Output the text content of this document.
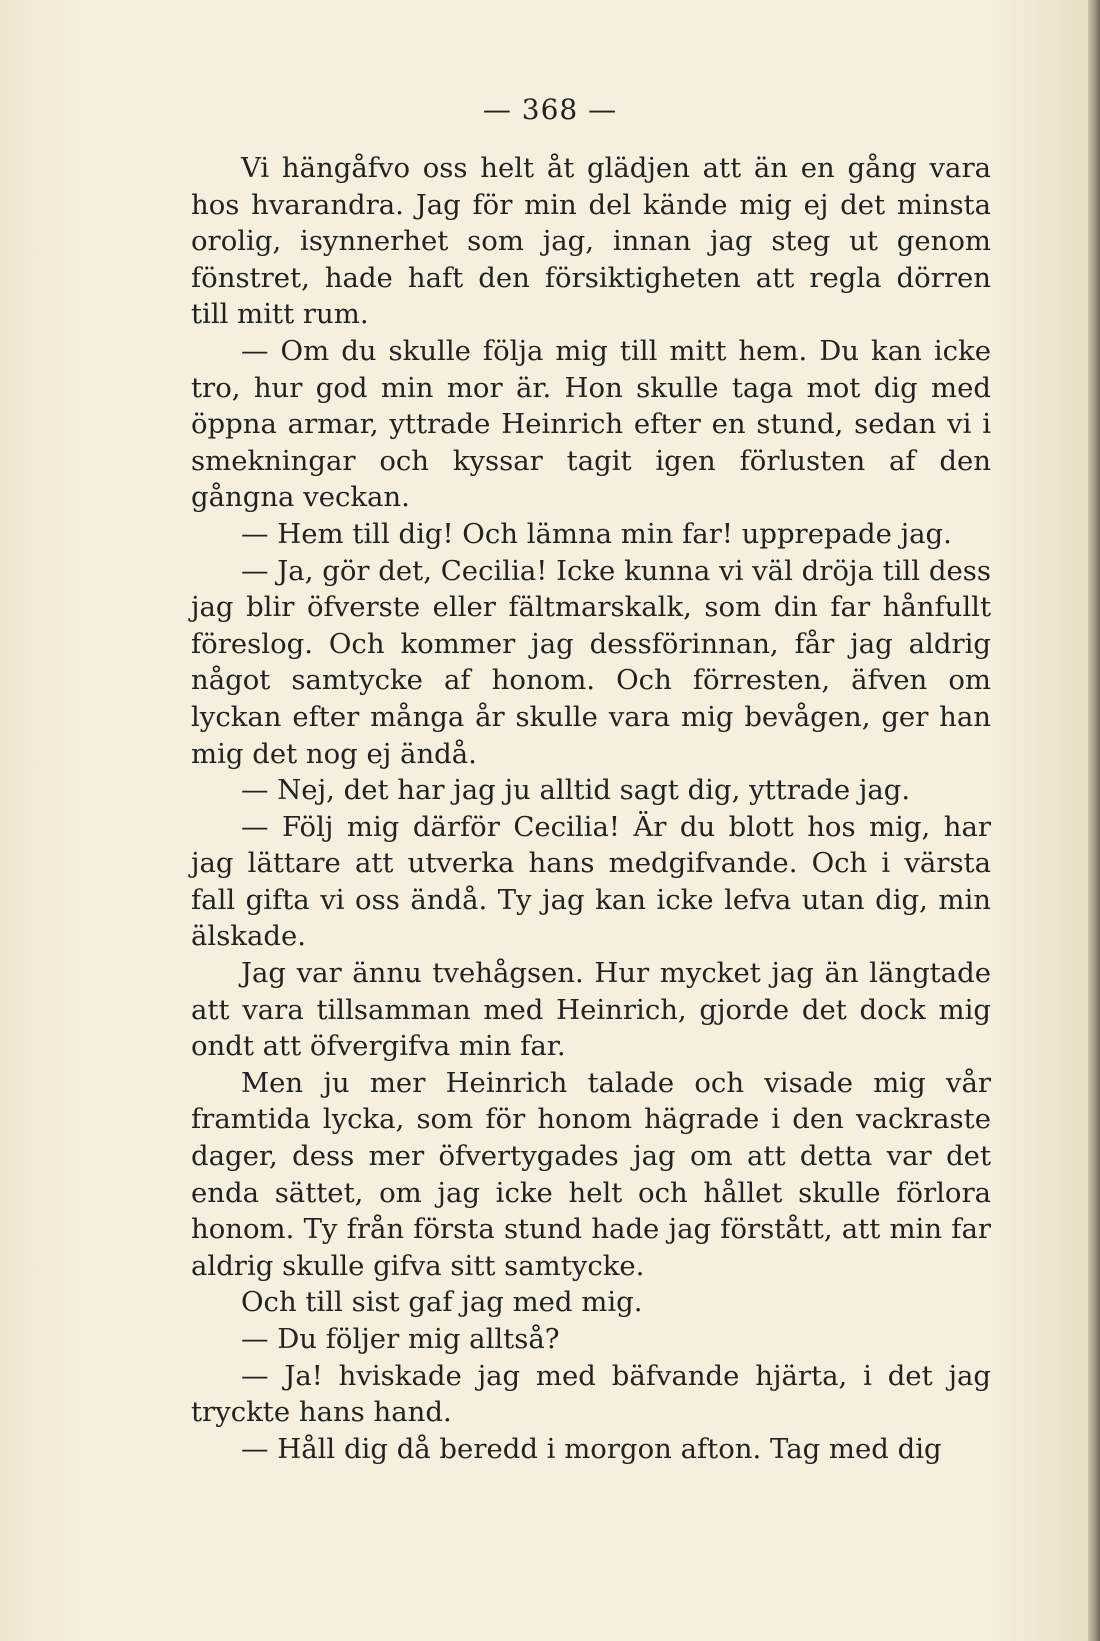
— 368 —

Vi hängåfvo oss helt åt glädjen att än en gång vara hos hvarandra. Jag för min del kände mig ej det minsta orolig, isynnerhet som jag, innan jag steg ut genom fönstret, hade haft den försiktigheten att regla dörren till mitt rum.

— Om du skulle följa mig till mitt hem. Du kan icke tro, hur god min mor är. Hon skulle taga mot dig med öppna armar, yttrade Heinrich efter en stund, sedan vi i smekningar och kyssar tagit igen förlusten af den gångna veckan.

— Hem till dig! Och lämna min far! upprepade jag.

— Ja, gör det, Cecilia! Icke kunna vi väl dröja till dess jag blir öfverste eller fältmarskalk, som din far hånfullt föreslog. Och kommer jag dessförinnan, får jag aldrig något samtycke af honom. Och förresten, äfven om lyckan efter många år skulle vara mig bevågen, ger han mig det nog ej ändå.

— Nej, det har jag ju alltid sagt dig, yttrade jag.

— Följ mig därför Cecilia! Är du blott hos mig, har jag lättare att utverka hans medgifvande. Och i värsta fall gifta vi oss ändå. Ty jag kan icke lefva utan dig, min älskade.

Jag var ännu tvehågsen. Hur mycket jag än längtade att vara tillsamman med Heinrich, gjorde det dock mig ondt att öfvergifva min far.

Men ju mer Heinrich talade och visade mig vår framtida lycka, som för honom hägrade i den vackraste dager, dess mer öfvertygades jag om att detta var det enda sättet, om jag icke helt och hållet skulle förlora honom. Ty från första stund hade jag förstått, att min far aldrig skulle gifva sitt samtycke.

Och till sist gaf jag med mig.

— Du följer mig alltså?

— Ja! hviskade jag med bäfvande hjärta, i det jag tryckte hans hand.

— Håll dig då beredd i morgon afton. Tag med dig
